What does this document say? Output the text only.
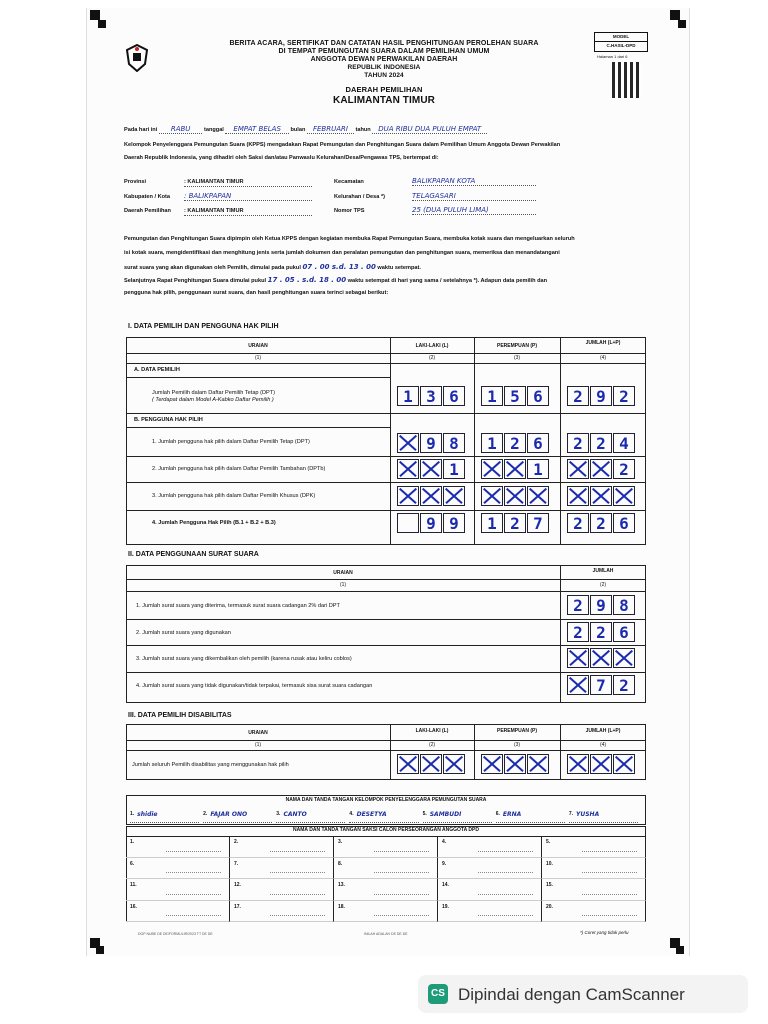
BERITA ACARA, SERTIFIKAT DAN CATATAN HASIL PENGHITUNGAN PEROLEHAN SUARA
DI TEMPAT PEMUNGUTAN SUARA DALAM PEMILIHAN UMUM
ANGGOTA DEWAN PERWAKILAN DAERAH
REPUBLIK INDONESIA
TAHUN 2024
DAERAH PEMILIHAN
KALIMANTAN TIMUR
MODEL
C.HASIL-DPD
Halaman 1 dari 6
Pada hari ini RABU tanggal EMPAT BELAS bulan FEBRUARI tahun DUA RIBU DUA PULUH EMPAT
Kelompok Penyelenggara Pemungutan Suara (KPPS) mengadakan Rapat Pemungutan dan Penghitungan Suara dalam Pemilihan Umum Anggota Dewan Perwakilan
Daerah Republik Indonesia, yang dihadiri oleh Saksi dan/atau Panwaslu Kelurahan/Desa/Pengawas TPS, bertempat di:
Provinsi	: KALIMANTAN TIMUR
Kabupaten / Kota : BALIKPAPAN
Daerah Pemilihan : KALIMANTAN TIMUR
Kecamatan	BALIKPAPAN KOTA
Kelurahan / Desa *)	TELAGASARI
Nomor TPS	25 (DUA PULUH LIMA)
Pemungutan dan Penghitungan Suara dipimpin oleh Ketua KPPS dengan kegiatan membuka Rapat Pemungutan Suara, membuka kotak suara dan mengeluarkan seluruh
isi kotak suara, mengidentifikasi dan menghitung jenis serta jumlah dokumen dan peralatan pemungutan dan penghitungan suara, memeriksa dan menandatangani
surat suara yang akan digunakan oleh Pemilih, dimulai pada pukul 07 . 00 s.d. 13 . 00 waktu setempat.
Selanjutnya Rapat Penghitungan Suara dimulai pukul 17 . 05 . s.d. 18 . 00 waktu setempat di hari yang sama / setelahnya *). Adapun data pemilih dan
pengguna hak pilih, penggunaan surat suara, dan hasil penghitungan suara terinci sebagai berikut:
I. DATA PEMILIH DAN PENGGUNA HAK PILIH
URAIAN	LAKI-LAKI (L)	PEREMPUAN (P)	JUMLAH (L+P)
(1)	(2)	(3)	(4)
A. DATA PEMILIH
Jumlah Pemilih dalam Daftar Pemilih Tetap (DPT)
( Terdapat dalam Model A-Kabko Daftar Pemilih )	1 3 6	1 5 6	2 9 2
B. PENGGUNA HAK PILIH
1. Jumlah pengguna hak pilih dalam Daftar Pemilih Tetap (DPT)	9 8	1 2 6	2 2 4
2. Jumlah pengguna hak pilih dalam Daftar Pemilih Tambahan (DPTb)	1	1	2
3. Jumlah pengguna hak pilih dalam Daftar Pemilih Khusus (DPK)
4. Jumlah Pengguna Hak Pilih (B.1 + B.2 + B.3)	9 9	1 2 7	2 2 6
II. DATA PENGGUNAAN SURAT SUARA
URAIAN	JUMLAH
(1)	(2)
1. Jumlah surat suara yang diterima, termasuk surat suara cadangan 2% dari DPT	2 9 8
2. Jumlah surat suara yang digunakan	2 2 6
3. Jumlah surat suara yang dikembalikan oleh pemilih (karena rusak atau keliru coblos)
4. Jumlah surat suara yang tidak digunakan/tidak terpakai, termasuk sisa surat suara cadangan	7 2
III. DATA PEMILIH DISABILITAS
URAIAN	LAKI-LAKI (L)	PEREMPUAN (P)	JUMLAH (L+P)
(1)	(2)	(3)	(4)
Jumlah seluruh Pemilih disabilitas yang menggunakan hak pilih
NAMA DAN TANDA TANGAN KELOMPOK PENYELENGGARA PEMUNGUTAN SUARA
1. shidie	2. FAJAR ONO	3. CANTO	4. DESETYA	5. SAMBUDI	6. ERNA	7. YUSHA
NAMA DAN TANDA TANGAN SAKSI CALON PERSEORANGAN ANGGOTA DPD
1.	2.	3.	4.	5.
6.	7.	8.	9.	10.
11.	12.	13.	14.	15.
16.	17.	18.	19.	20.
DOP NUBE DE DE/FORMULIR/2023 TT DE DE	INILAH ADALAH DE DE DE	*) Coret yang tidak perlu
CS Dipindai dengan CamScanner
